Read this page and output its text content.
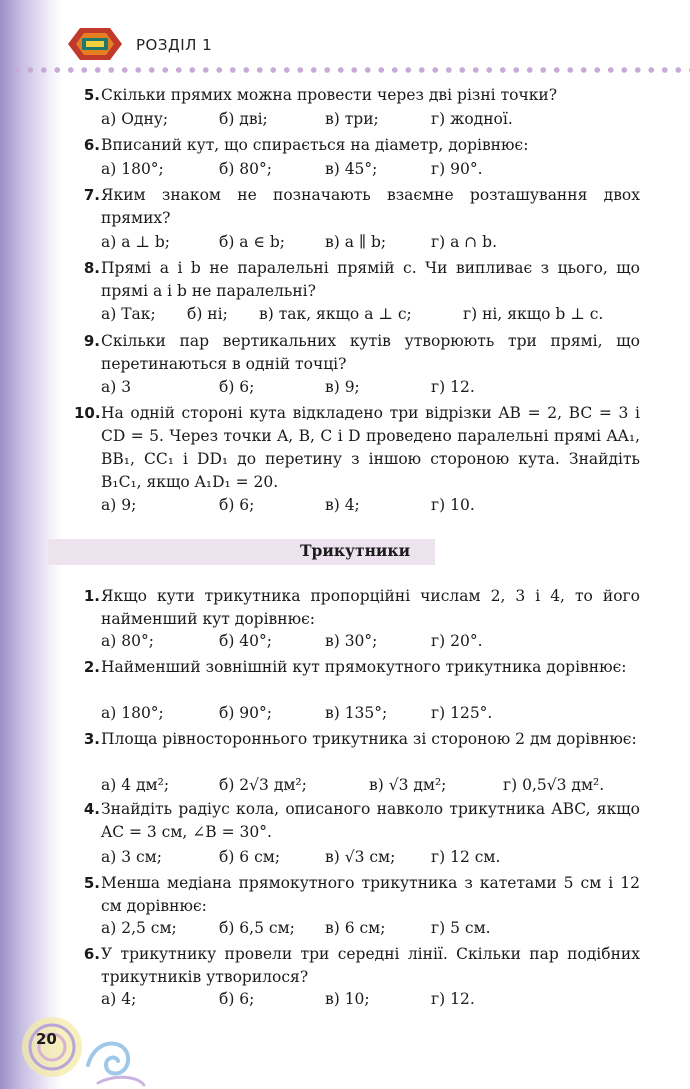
РОЗДІЛ 1
5. Скільки прямих можна провести через дві різні точки?
а) Одну;	б) дві;	в) три;	г) жодної.
6. Вписаний кут, що спирається на діаметр, дорівнює:
а) 180°;	б) 80°;	в) 45°;	г) 90°.
7. Яким знаком не позначають взаємне розташування двох прямих?
а) a ⊥ b;	б) a ∈ b;	в) a ∥ b;	г) a ∩ b.
8. Прямі a і b не паралельні прямій c. Чи випливає з цього, що прямі a і b не паралельні?
а) Так; б) ні; в) так, якщо a ⊥ c;	г) ні, якщо b ⊥ c.
9. Скільки пар вертикальних кутів утворюють три прямі, що перетинаються в одній точці?
а) 3	б) 6;	в) 9;	г) 12.
10. На одній стороні кута відкладено три відрізки AB = 2, BC = 3 і CD = 5. Через точки A, B, C і D проведено паралельні прямі AA₁, BB₁, CC₁ і DD₁ до перетину з іншою стороною кута. Знайдіть B₁C₁, якщо A₁D₁ = 20.
а) 9;	б) 6;	в) 4;	г) 10.
Трикутники
1. Якщо кути трикутника пропорційні числам 2, 3 і 4, то його найменший кут дорівнює:
а) 80°;	б) 40°;	в) 30°;	г) 20°.
2. Найменший зовнішній кут прямокутного трикутника дорівнює:
а) 180°;	б) 90°;	в) 135°;	г) 125°.
3. Площа рівностороннього трикутника зі стороною 2 дм дорівнює:
а) 4 дм²;	б) 2√3 дм²;	в) √3 дм²;	г) 0,5√3 дм².
4. Знайдіть радіус кола, описаного навколо трикутника ABC, якщо AC = 3 см, ∠B = 30°.
а) 3 см;	б) 6 см;	в) √3 см; г) 12 см.
5. Менша медіана прямокутного трикутника з катетами 5 см і 12 см дорівнює:
а) 2,5 см;	б) 6,5 см; в) 6 см;	г) 5 см.
6. У трикутнику провели три середні лінії. Скільки пар подібних трикутників утворилося?
а) 4;	б) 6;	в) 10;	г) 12.
20
